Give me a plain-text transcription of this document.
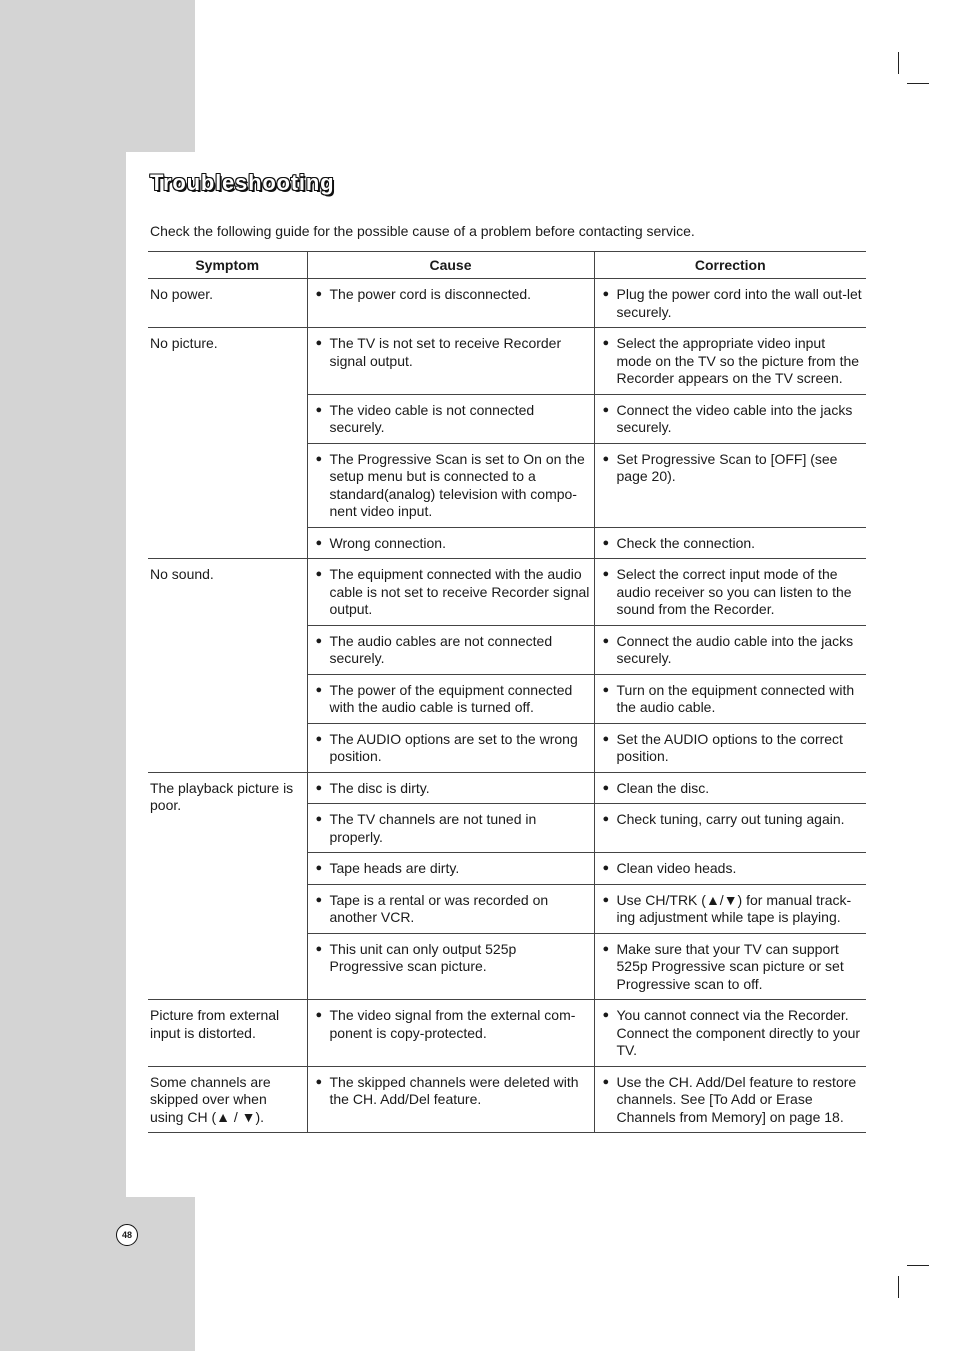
Troubleshooting

Check the following guide for the possible cause of a problem before contacting service.

Symptom	Cause	Correction
No power.	● The power cord is disconnected.	● Plug the power cord into the wall out-let securely.

No picture.	● The TV is not set to receive Recorder signal output.	● Select the appropriate video input mode on the TV so the picture from the Recorder appears on the TV screen.

	● The video cable is not connected securely.	● Connect the video cable into the jacks securely.

	● The Progressive Scan is set to On on the setup menu but is connected to a standard(analog) television with compo-nent video input.	● Set Progressive Scan to [OFF] (see page 20).

	● Wrong connection.	● Check the connection.

No sound.	● The equipment connected with the audio cable is not set to receive Recorder signal output.	● Select the correct input mode of the audio receiver so you can listen to the sound from the Recorder.

	● The audio cables are not connected securely.	● Connect the audio cable into the jacks securely.

	● The power of the equipment connected with the audio cable is turned off.	● Turn on the equipment connected with the audio cable.

	● The AUDIO options are set to the wrong position.	● Set the AUDIO options to the correct position.

The playback picture is poor.	● The disc is dirty.	● Clean the disc.

	● The TV channels are not tuned in properly.	● Check tuning, carry out tuning again.

	● Tape heads are dirty.	● Clean video heads.

	● Tape is a rental or was recorded on another VCR.	● Use CH/TRK (▲/▼) for manual track-ing adjustment while tape is playing.

	● This unit can only output 525p Progressive scan picture.	● Make sure that your TV can support 525p Progressive scan picture or set Progressive scan to off.

Picture from external input is distorted.	● The video signal from the external com-ponent is copy-protected.	● You cannot connect via the Recorder. Connect the component directly to your TV.

Some channels are skipped over when using CH (▲ / ▼).	● The skipped channels were deleted with the CH. Add/Del feature.	● Use the CH. Add/Del feature to restore channels. See [To Add or Erase Channels from Memory] on page 18.
48
